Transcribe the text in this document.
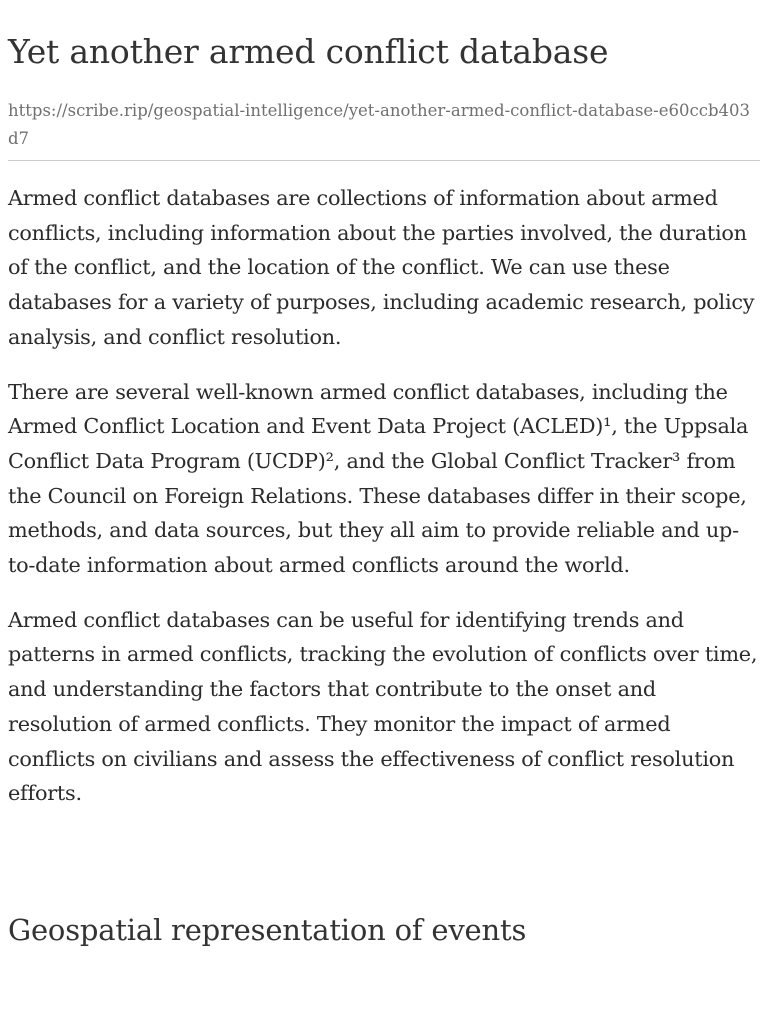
Yet another armed conflict database
https://scribe.rip/geospatial-intelligence/yet-another-armed-conflict-database-e60ccb403d7

Armed conflict databases are collections of information about armed conflicts, including information about the parties involved, the duration of the conflict, and the location of the conflict. We can use these databases for a variety of purposes, including academic research, policy analysis, and conflict resolution.

There are several well-known armed conflict databases, including the Armed Conflict Location and Event Data Project (ACLED)¹, the Uppsala Conflict Data Program (UCDP)², and the Global Conflict Tracker³ from the Council on Foreign Relations. These databases differ in their scope, methods, and data sources, but they all aim to provide reliable and up-to-date information about armed conflicts around the world.

Armed conflict databases can be useful for identifying trends and patterns in armed conflicts, tracking the evolution of conflicts over time, and understanding the factors that contribute to the onset and resolution of armed conflicts. They monitor the impact of armed conflicts on civilians and assess the effectiveness of conflict resolution efforts.

Geospatial representation of events
